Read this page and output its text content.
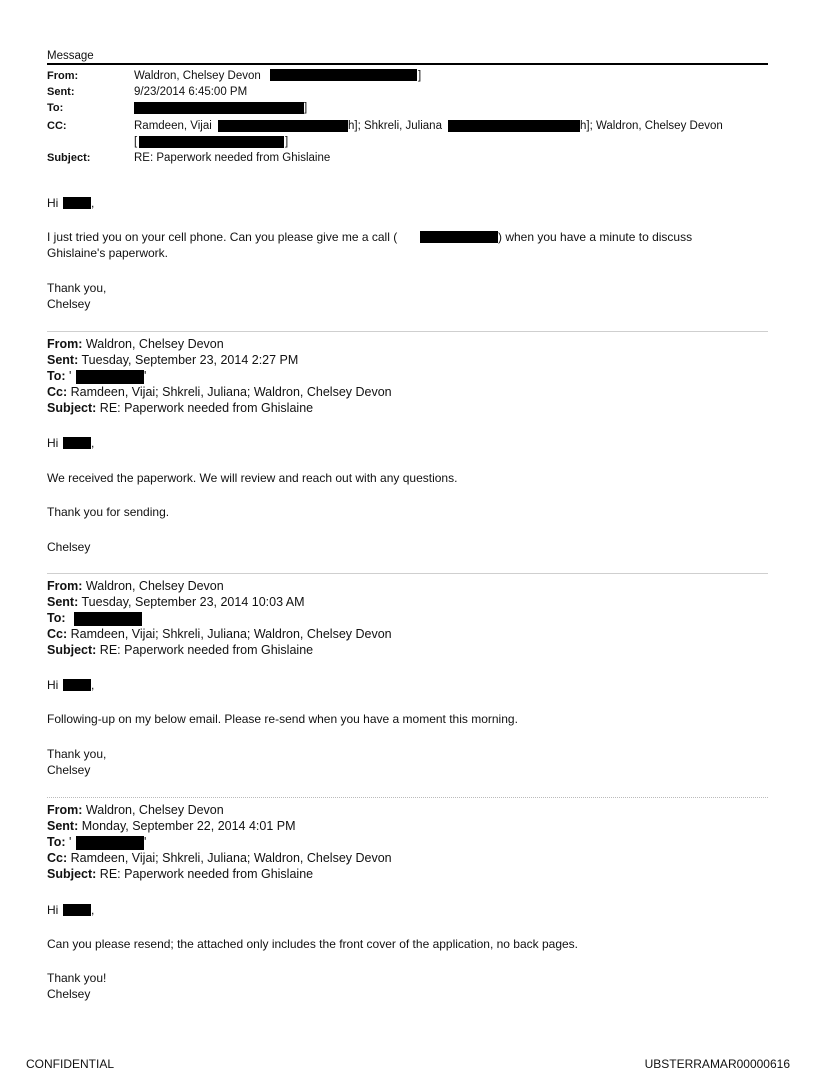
Message
From:	Waldron, Chelsey Devon	]
Sent:	9/23/2014 6:45:00 PM
To:	]
CC:	Ramdeen, Vijai	h]; Shkreli, Juliana	h]; Waldron, Chelsey Devon
[	]
Subject:	RE: Paperwork needed from Ghislaine
Hi	,
I just tried you on your cell phone. Can you please give me a call (	) when you have a minute to discuss
Ghislaine's paperwork.
Thank you,
Chelsey
From: Waldron, Chelsey Devon
Sent: Tuesday, September 23, 2014 2:27 PM
To: '	'
Cc: Ramdeen, Vijai; Shkreli, Juliana; Waldron, Chelsey Devon
Subject: RE: Paperwork needed from Ghislaine
Hi	,
We received the paperwork. We will review and reach out with any questions.
Thank you for sending.
Chelsey
From: Waldron, Chelsey Devon
Sent: Tuesday, September 23, 2014 10:03 AM
To:
Cc: Ramdeen, Vijai; Shkreli, Juliana; Waldron, Chelsey Devon
Subject: RE: Paperwork needed from Ghislaine
Hi	,
Following-up on my below email. Please re-send when you have a moment this morning.
Thank you,
Chelsey
From: Waldron, Chelsey Devon
Sent: Monday, September 22, 2014 4:01 PM
To: '	'
Cc: Ramdeen, Vijai; Shkreli, Juliana; Waldron, Chelsey Devon
Subject: RE: Paperwork needed from Ghislaine
Hi	,
Can you please resend; the attached only includes the front cover of the application, no back pages.
Thank you!
Chelsey
CONFIDENTIAL	UBSTERRAMAR00000616
